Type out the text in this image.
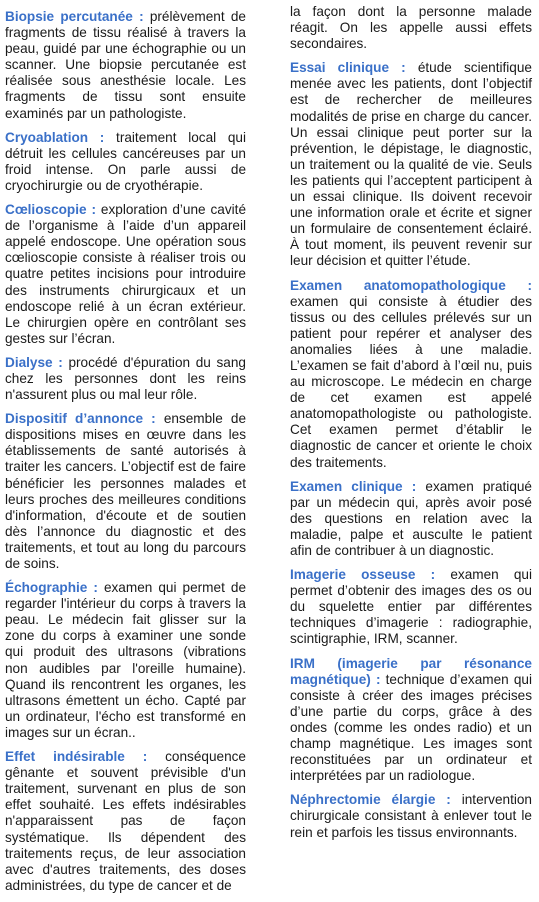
Biopsie percutanée : prélèvement de fragments de tissu réalisé à travers la peau, guidé par une échographie ou un scanner. Une biopsie percutanée est réalisée sous anesthésie locale. Les fragments de tissu sont ensuite examinés par un pathologiste.

Cryoablation : traitement local qui détruit les cellules cancéreuses par un froid intense. On parle aussi de cryochirurgie ou de cryothérapie.

Cœlioscopie : exploration d’une cavité de l’organisme à l’aide d’un appareil appelé endoscope. Une opération sous cœlioscopie consiste à réaliser trois ou quatre petites incisions pour introduire des instruments chirurgicaux et un endoscope relié à un écran extérieur. Le chirurgien opère en contrôlant ses gestes sur l’écran.

Dialyse : procédé d'épuration du sang chez les personnes dont les reins n'assurent plus ou mal leur rôle.

Dispositif d’annonce : ensemble de dispositions mises en œuvre dans les établissements de santé autorisés à traiter les cancers. L’objectif est de faire bénéficier les personnes malades et leurs proches des meilleures conditions d'information, d'écoute et de soutien dès l’annonce du diagnostic et des traitements, et tout au long du parcours de soins.

Échographie : examen qui permet de regarder l'intérieur du corps à travers la peau. Le médecin fait glisser sur la zone du corps à examiner une sonde qui produit des ultrasons (vibrations non audibles par l'oreille humaine). Quand ils rencontrent les organes, les ultrasons émettent un écho. Capté par un ordinateur, l'écho est transformé en images sur un écran..

Effet indésirable : conséquence gênante et souvent prévisible d'un traitement, survenant en plus de son effet souhaité. Les effets indésirables n'apparaissent pas de façon systématique. Ils dépendent des traitements reçus, de leur association avec d'autres traitements, des doses administrées, du type de cancer et de

la façon dont la personne malade réagit. On les appelle aussi effets secondaires.

Essai clinique : étude scientifique menée avec les patients, dont l’objectif est de rechercher de meilleures modalités de prise en charge du cancer. Un essai clinique peut porter sur la prévention, le dépistage, le diagnostic, un traitement ou la qualité de vie. Seuls les patients qui l’acceptent participent à un essai clinique. Ils doivent recevoir une information orale et écrite et signer un formulaire de consentement éclairé. À tout moment, ils peuvent revenir sur leur décision et quitter l’étude.

Examen anatomopathologique : examen qui consiste à étudier des tissus ou des cellules prélevés sur un patient pour repérer et analyser des anomalies liées à une maladie. L’examen se fait d’abord à l’œil nu, puis au microscope. Le médecin en charge de cet examen est appelé anatomopathologiste ou pathologiste. Cet examen permet d’établir le diagnostic de cancer et oriente le choix des traitements.

Examen clinique : examen pratiqué par un médecin qui, après avoir posé des questions en relation avec la maladie, palpe et ausculte le patient afin de contribuer à un diagnostic.

Imagerie osseuse : examen qui permet d’obtenir des images des os ou du squelette entier par différentes techniques d’imagerie : radiographie, scintigraphie, IRM, scanner.

IRM (imagerie par résonance magnétique) : technique d’examen qui consiste à créer des images précises d’une partie du corps, grâce à des ondes (comme les ondes radio) et un champ magnétique. Les images sont reconstituées par un ordinateur et interprétées par un radiologue.

Néphrectomie élargie : intervention chirurgicale consistant à enlever tout le rein et parfois les tissus environnants.
